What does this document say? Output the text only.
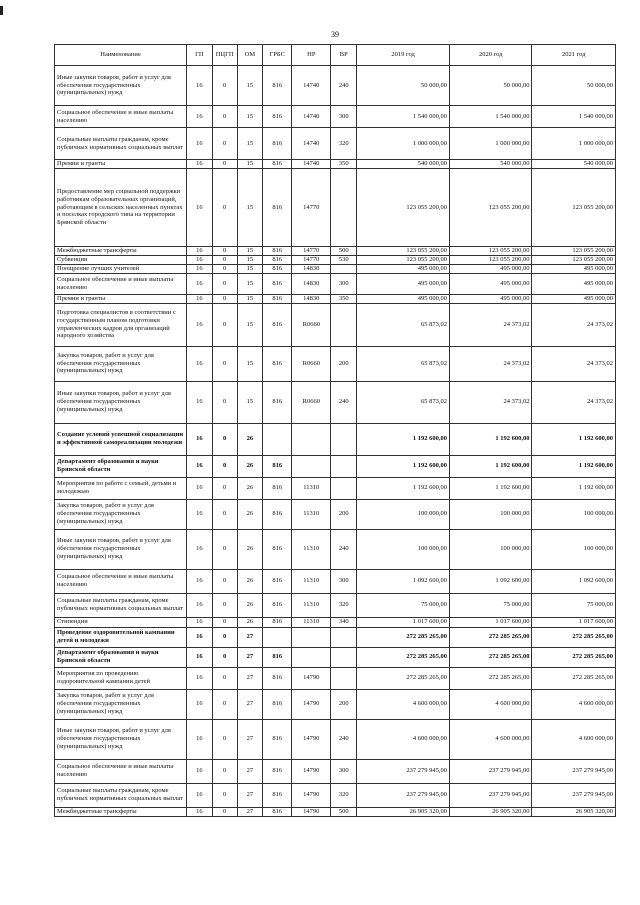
39
Наименование	ГП	ПЦГП	ОМ	ГРБС	НР	ВР	2019 год	2020 год	2021 год
Иные закупки товаров, работ и услуг для обеспечения государственных (муниципальных) нужд	16	0	15	816	14740	240	50 000,00	50 000,00	50 000,00
Социальное обеспечение и иные выплаты населению	16	0	15	816	14740	300	1 540 000,00	1 540 000,00	1 540 000,00
Социальные выплаты гражданам, кроме публичных нормативных социальных выплат	16	0	15	816	14740	320	1 000 000,00	1 000 000,00	1 000 000,00
Премии и гранты	16	0	15	816	14740	350	540 000,00	540 000,00	540 000,00
Предоставление мер социальной поддержки работникам образовательных организаций, работающим в сельских населенных пунктах и поселках городского типа на территории Брянской области	16	0	15	816	14770		123 055 200,00	123 055 200,00	123 055 200,00
Межбюджетные трансферты	16	0	15	816	14770	500	123 055 200,00	123 055 200,00	123 055 200,00
Субвенции	16	0	15	816	14770	530	123 055 200,00	123 055 200,00	123 055 200,00
Поощрение лучших учителей	16	0	15	816	14830		495 000,00	495 000,00	495 000,00
Социальное обеспечение и иные выплаты населению	16	0	15	816	14830	300	495 000,00	495 000,00	495 000,00
Премии и гранты	16	0	15	816	14830	350	495 000,00	495 000,00	495 000,00
Подготовка специалистов в соответствии с государственным планом подготовки управленческих кадров для организаций народного хозяйства	16	0	15	816	R0660		65 873,02	24 373,02	24 373,02
Закупка товаров, работ и услуг для обеспечения государственных (муниципальных) нужд	16	0	15	816	R0660	200	65 873,02	24 373,02	24 373,02
Иные закупки товаров, работ и услуг для обеспечения государственных (муниципальных) нужд	16	0	15	816	R0660	240	65 873,02	24 373,02	24 373,02
Создание условий успешной социализации и эффективной самореализации молодежи	16	0	26				1 192 600,00	1 192 600,00	1 192 600,00
Департамент образования и науки Брянской области	16	0	26	816			1 192 600,00	1 192 600,00	1 192 600,00
Мероприятия по работе с семьей, детьми и молодежью	16	0	26	816	11310		1 192 600,00	1 192 600,00	1 192 600,00
Закупка товаров, работ и услуг для обеспечения государственных (муниципальных) нужд	16	0	26	816	11310	200	100 000,00	100 000,00	100 000,00
Иные закупки товаров, работ и услуг для обеспечения государственных (муниципальных) нужд	16	0	26	816	11310	240	100 000,00	100 000,00	100 000,00
Социальное обеспечение и иные выплаты населению	16	0	26	816	11310	300	1 092 600,00	1 092 600,00	1 092 600,00
Социальные выплаты гражданам, кроме публичных нормативных социальных выплат	16	0	26	816	11310	320	75 000,00	75 000,00	75 000,00
Стипендии	16	0	26	816	11310	340	1 017 600,00	1 017 600,00	1 017 600,00
Проведение оздоровительной кампании детей и молодежи	16	0	27				272 285 265,00	272 285 265,00	272 285 265,00
Департамент образования и науки Брянской области	16	0	27	816			272 285 265,00	272 285 265,00	272 285 265,00
Мероприятия по проведению оздоровительной кампании детей	16	0	27	816	14790		272 285 265,00	272 285 265,00	272 285 265,00
Закупка товаров, работ и услуг для обеспечения государственных (муниципальных) нужд	16	0	27	816	14790	200	4 600 000,00	4 600 000,00	4 600 000,00
Иные закупки товаров, работ и услуг для обеспечения государственных (муниципальных) нужд	16	0	27	816	14790	240	4 600 000,00	4 600 000,00	4 600 000,00
Социальное обеспечение и иные выплаты населению	16	0	27	816	14790	300	237 279 945,00	237 279 945,00	237 279 945,00
Социальные выплаты гражданам, кроме публичных нормативных социальных выплат	16	0	27	816	14790	320	237 279 945,00	237 279 945,00	237 279 945,00
Межбюджетные трансферты	16	0	27	816	14790	500	26 905 320,00	26 905 320,00	26 905 320,00
